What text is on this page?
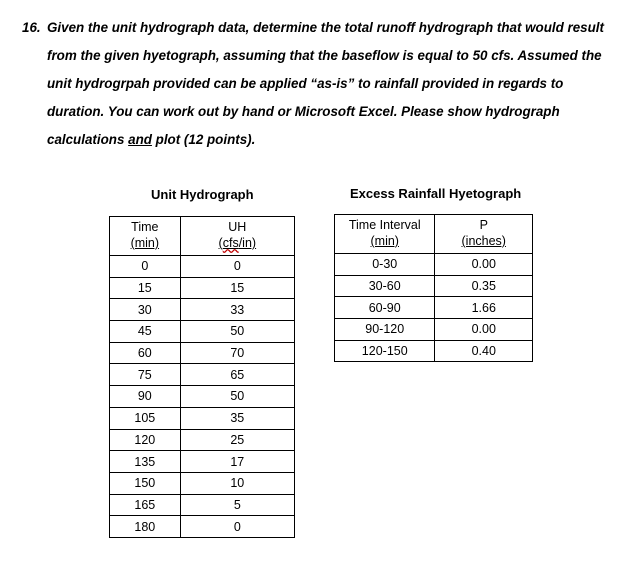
16. Given the unit hydrograph data, determine the total runoff hydrograph that would result
from the given hyetograph, assuming that the baseflow is equal to 50 cfs. Assumed the
unit hydrogrpah provided can be applied “as-is” to rainfall provided in regards to
duration. You can work out by hand or Microsoft Excel. Please show hydrograph
calculations and plot (12 points).
Unit Hydrograph	Excess Rainfall Hyetograph
Time	UH
(min)	(cfs/in)
0	0
15	15
30	33
45	50
60	70
75	65
90	50
105	35
120	25
135	17
150	10
165	5
180	0
Time Interval	P
(min)	(inches)
0-30	0.00
30-60	0.35
60-90	1.66
90-120	0.00
120-150	0.40
